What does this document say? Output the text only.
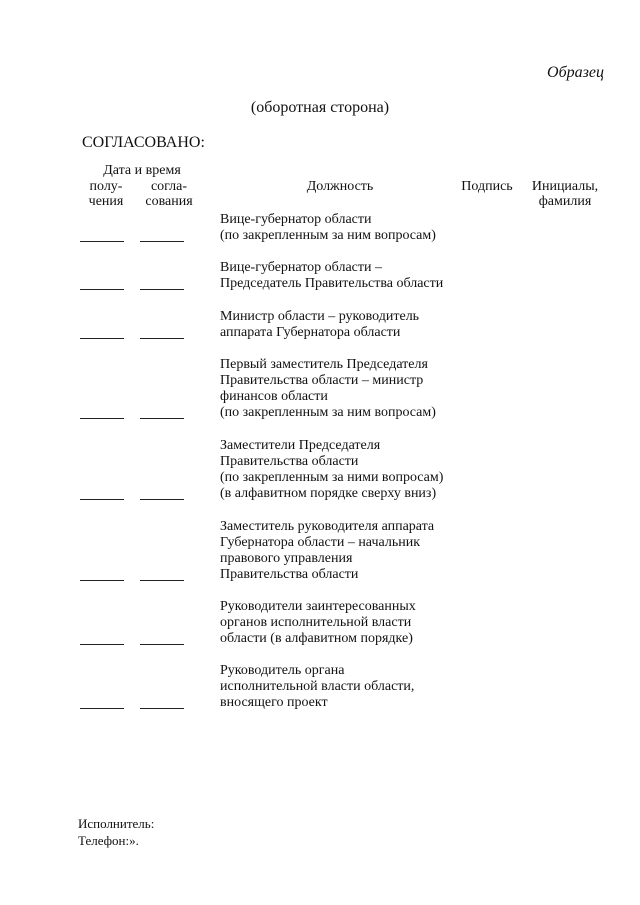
Образец
(оборотная сторона)
СОГЛАСОВАНО:
Дата и время
полу-
чения
согла-
сования
Должность	Подпись	Инициалы,
фамилия
Вице-губернатор области
(по закрепленным за ним вопросам)
Вице-губернатор области –
Председатель Правительства области
Министр области – руководитель
аппарата Губернатора области
Первый заместитель Председателя
Правительства области – министр
финансов области
(по закрепленным за ним вопросам)
Заместители Председателя
Правительства области
(по закрепленным за ними вопросам)
(в алфавитном порядке сверху вниз)
Заместитель руководителя аппарата
Губернатора области – начальник
правового управления
Правительства области
Руководители заинтересованных
органов исполнительной власти
области (в алфавитном порядке)
Руководитель органа
исполнительной власти области,
вносящего проект
Исполнитель:
Телефон:».
